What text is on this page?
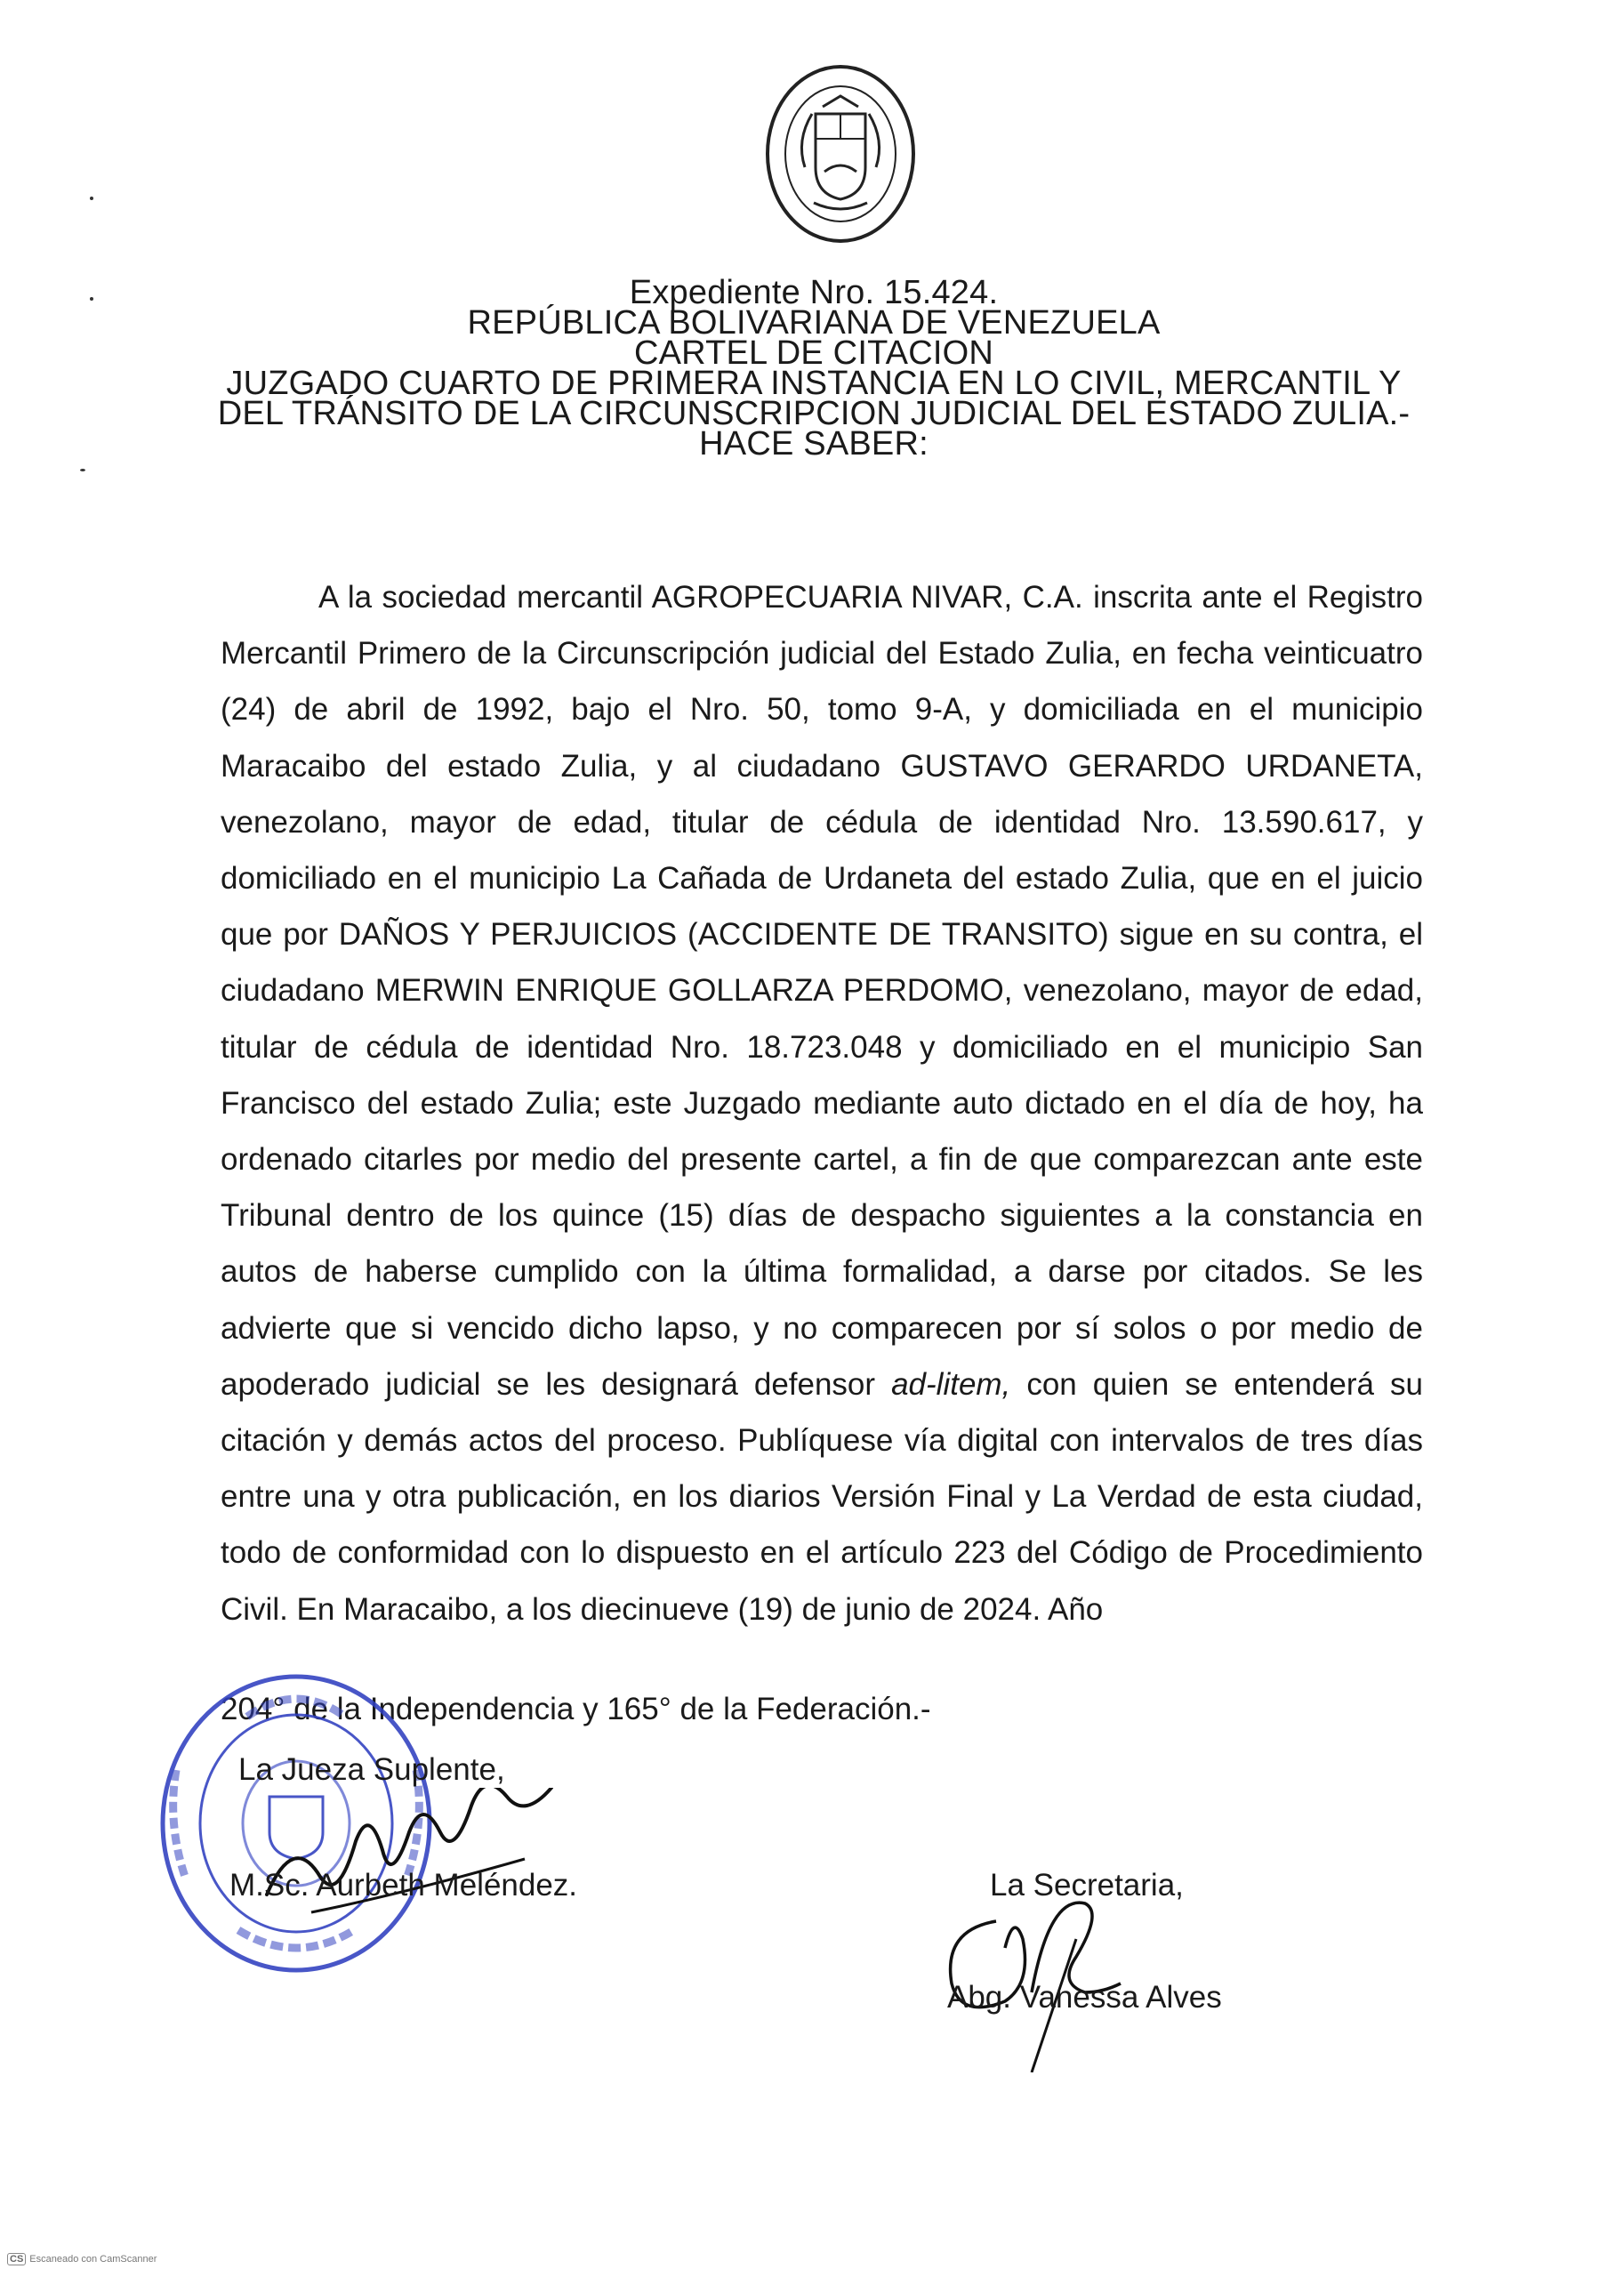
Expediente Nro. 15.424.
REPÚBLICA BOLIVARIANA DE VENEZUELA
CARTEL DE CITACION
JUZGADO CUARTO DE PRIMERA INSTANCIA EN LO CIVIL, MERCANTIL Y
DEL TRÁNSITO DE LA CIRCUNSCRIPCION JUDICIAL DEL ESTADO ZULIA.-
HACE SABER:

A la sociedad mercantil AGROPECUARIA NIVAR, C.A. inscrita ante el Registro Mercantil Primero de la Circunscripción judicial del Estado Zulia, en fecha veinticuatro (24) de abril de 1992, bajo el Nro. 50, tomo 9-A, y domiciliada en el municipio Maracaibo del estado Zulia, y al ciudadano GUSTAVO GERARDO URDANETA, venezolano, mayor de edad, titular de cédula de identidad Nro. 13.590.617, y domiciliado en el municipio La Cañada de Urdaneta del estado Zulia, que en el juicio que por DAÑOS Y PERJUICIOS (ACCIDENTE DE TRANSITO) sigue en su contra, el ciudadano MERWIN ENRIQUE GOLLARZA PERDOMO, venezolano, mayor de edad, titular de cédula de identidad Nro. 18.723.048 y domiciliado en el municipio San Francisco del estado Zulia; este Juzgado mediante auto dictado en el día de hoy, ha ordenado citarles por medio del presente cartel, a fin de que comparezcan ante este Tribunal dentro de los quince (15) días de despacho siguientes a la constancia en autos de haberse cumplido con la última formalidad, a darse por citados. Se les advierte que si vencido dicho lapso, y no comparecen por sí solos o por medio de apoderado judicial se les designará defensor ad-litem, con quien se entenderá su citación y demás actos del proceso. Publíquese vía digital con intervalos de tres días entre una y otra publicación, en los diarios Versión Final y La Verdad de esta ciudad, todo de conformidad con lo dispuesto en el artículo 223 del Código de Procedimiento Civil. En Maracaibo, a los diecinueve (19) de junio de 2024. Año

204° de la Independencia y 165° de la Federación.-
La Jueza Suplente,
M.Sc. Aurbeth Meléndez.	La Secretaria,
Abg. Vanessa Alves
CS Escaneado con CamScanner
